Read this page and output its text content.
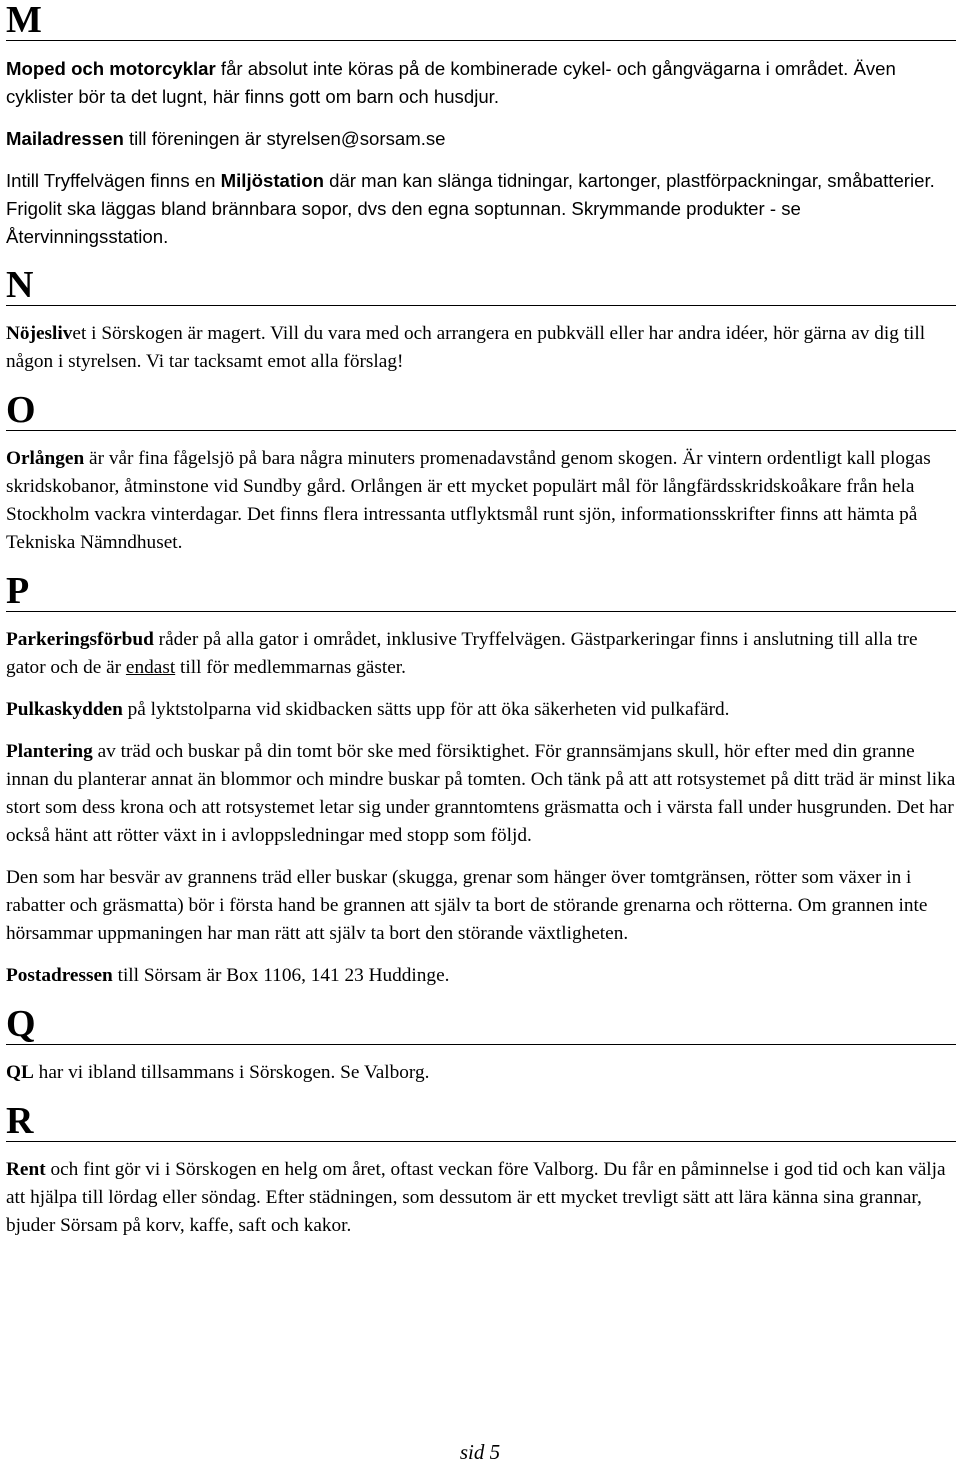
M

Moped och motorcyklar får absolut inte köras på de kombinerade cykel- och gångvägarna i området. Även cyklister bör ta det lugnt, här finns gott om barn och husdjur.

Mailadressen till föreningen är styrelsen@sorsam.se

Intill Tryffelvägen finns en Miljöstation där man kan slänga tidningar, kartonger, plastförpackningar, småbatterier. Frigolit ska läggas bland brännbara sopor, dvs den egna soptunnan. Skrymmande produkter - se Återvinningsstation.

N

Nöjeslivet i Sörskogen är magert. Vill du vara med och arrangera en pubkväll eller har andra idéer, hör gärna av dig till någon i styrelsen. Vi tar tacksamt emot alla förslag!

O

Orlången är vår fina fågelsjö på bara några minuters promenadavstånd genom skogen. Är vintern ordentligt kall plogas skridskobanor, åtminstone vid Sundby gård. Orlången är ett mycket populärt mål för långfärdsskridskoåkare från hela Stockholm vackra vinterdagar. Det finns flera intressanta utflyktsmål runt sjön, informationsskrifter finns att hämta på Tekniska Nämndhuset.

P

Parkeringsförbud råder på alla gator i området, inklusive Tryffelvägen. Gästparkeringar finns i anslutning till alla tre gator och de är endast till för medlemmarnas gäster.

Pulkaskydden på lyktstolparna vid skidbacken sätts upp för att öka säkerheten vid pulkafärd.

Plantering av träd och buskar på din tomt bör ske med försiktighet. För grannsämjans skull, hör efter med din granne innan du planterar annat än blommor och mindre buskar på tomten. Och tänk på att att rotsystemet på ditt träd är minst lika stort som dess krona och att rotsystemet letar sig under granntomtens gräsmatta och i värsta fall under husgrunden. Det har också hänt att rötter växt in i avloppsledningar med stopp som följd.

Den som har besvär av grannens träd eller buskar (skugga, grenar som hänger över tomtgränsen, rötter som växer in i rabatter och gräsmatta) bör i första hand be grannen att själv ta bort de störande grenarna och rötterna. Om grannen inte hörsammar uppmaningen har man rätt att själv ta bort den störande växtligheten.

Postadressen till Sörsam är Box 1106, 141 23 Huddinge.

Q

QL har vi ibland tillsammans i Sörskogen. Se Valborg.

R

Rent och fint gör vi i Sörskogen en helg om året, oftast veckan före Valborg. Du får en påminnelse i god tid och kan välja att hjälpa till lördag eller söndag. Efter städningen, som dessutom är ett mycket trevligt sätt att lära känna sina grannar, bjuder Sörsam på korv, kaffe, saft och kakor.

sid 5
